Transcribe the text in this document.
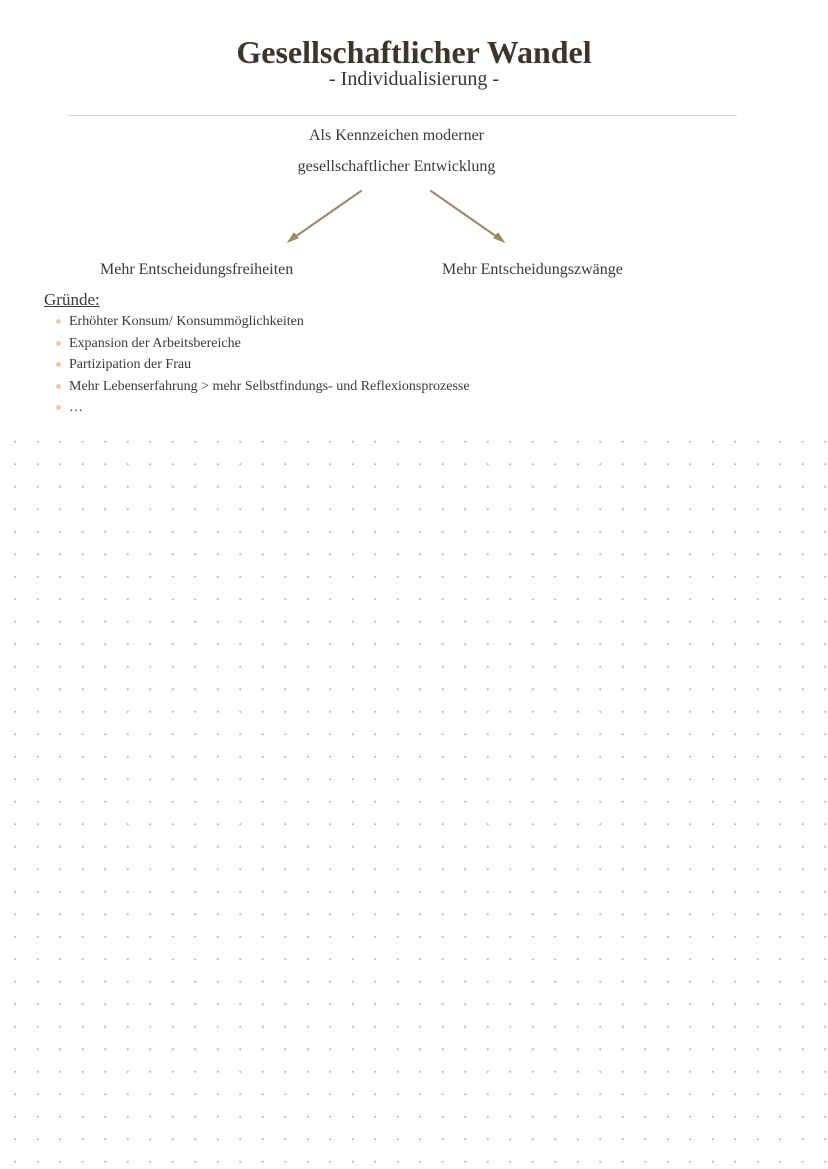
Gesellschaftlicher Wandel
- Individualisierung -
Als Kennzeichen moderner
gesellschaftlicher Entwicklung
Mehr Entscheidungsfreiheiten	Mehr Entscheidungszwänge
Gründe:
Erhöhter Konsum/ Konsummöglichkeiten
Expansion der Arbeitsbereiche
Partizipation der Frau
Mehr Lebenserfahrung > mehr Selbstfindungs- und Reflexionsprozesse
…
